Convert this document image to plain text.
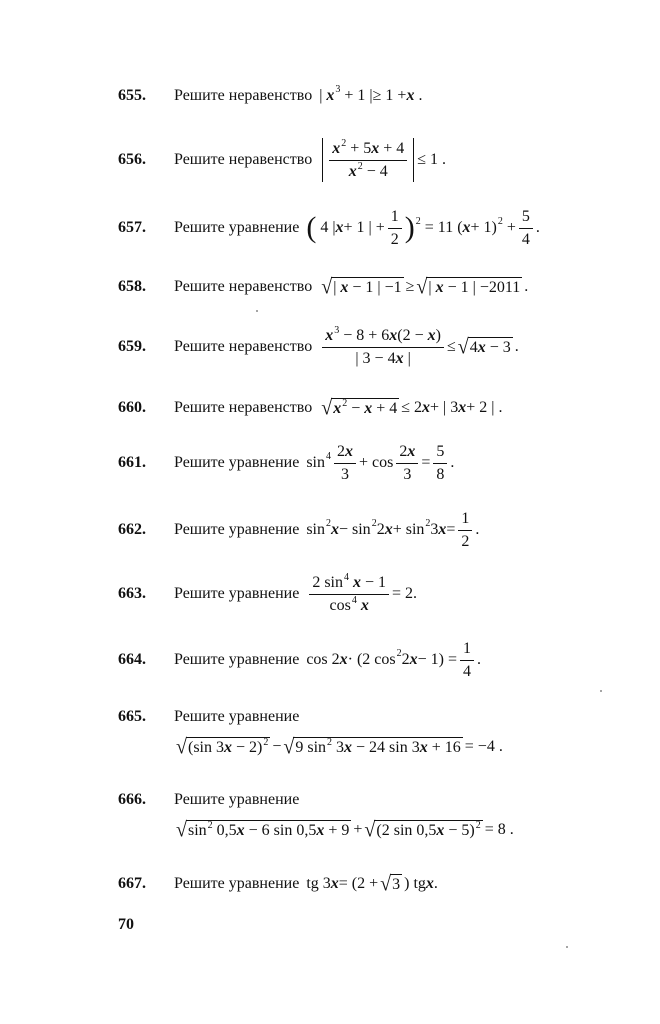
655.	Решите неравенство | x 3 + 1 |≥ 1 + x .
656.	Решите неравенство $\frac{x^2 + 5x + 4}{x^2 - 4} \le 1$ .
657.	Решите уравнение ( 4 | x + 1 | + $\frac{1}{2}$ ) 2 = 11 ( x + 1) $2 + \frac{5}{4}$ .
658.	Решите неравенство √ | x − 1 | −1 ≥ √ | x − 1 | −2011 .
659.	Решите неравенство $\frac{x^3 - 8 + 6x(2 - x)}{| 3 - 4x |}$ ≤ √ 4x − 3 .
660.	Решите неравенство √ $x^2 - x + 4 \le 2$ x + | 3 x + 2 | .
661.	Решите уравнение $\sin 4 \frac{2x}{3} + \cos \frac{2x}{3} = \frac{5}{8}$ .
662.	Решите уравнение sin 2 x − sin 2 2 x + sin 2 3 $x = \frac{1}{2}$ .
663.	Решите уравнение $\frac{2 \sin^4 x - 1}{\cos^4 x} = 2$.
664.	Решите уравнение cos 2 x · (2 cos 2 2 $x - 1) = \frac{1}{4}$ .
665.	Решите уравнение
√ (sin 3x − 2)$^2$ − √ 9 $\sin^2 3x - 24$ sin 3x + 16 = −4 .
666.	Решите уравнение
√ $\sin^2 0,5x - 6$ sin 0,5x + 9 + √ (2 sin 0,5x − 5)$^2$ = 8 .
667.	Решите уравнение tg 3 x = (2 + √ 3 ) tg x .
70
